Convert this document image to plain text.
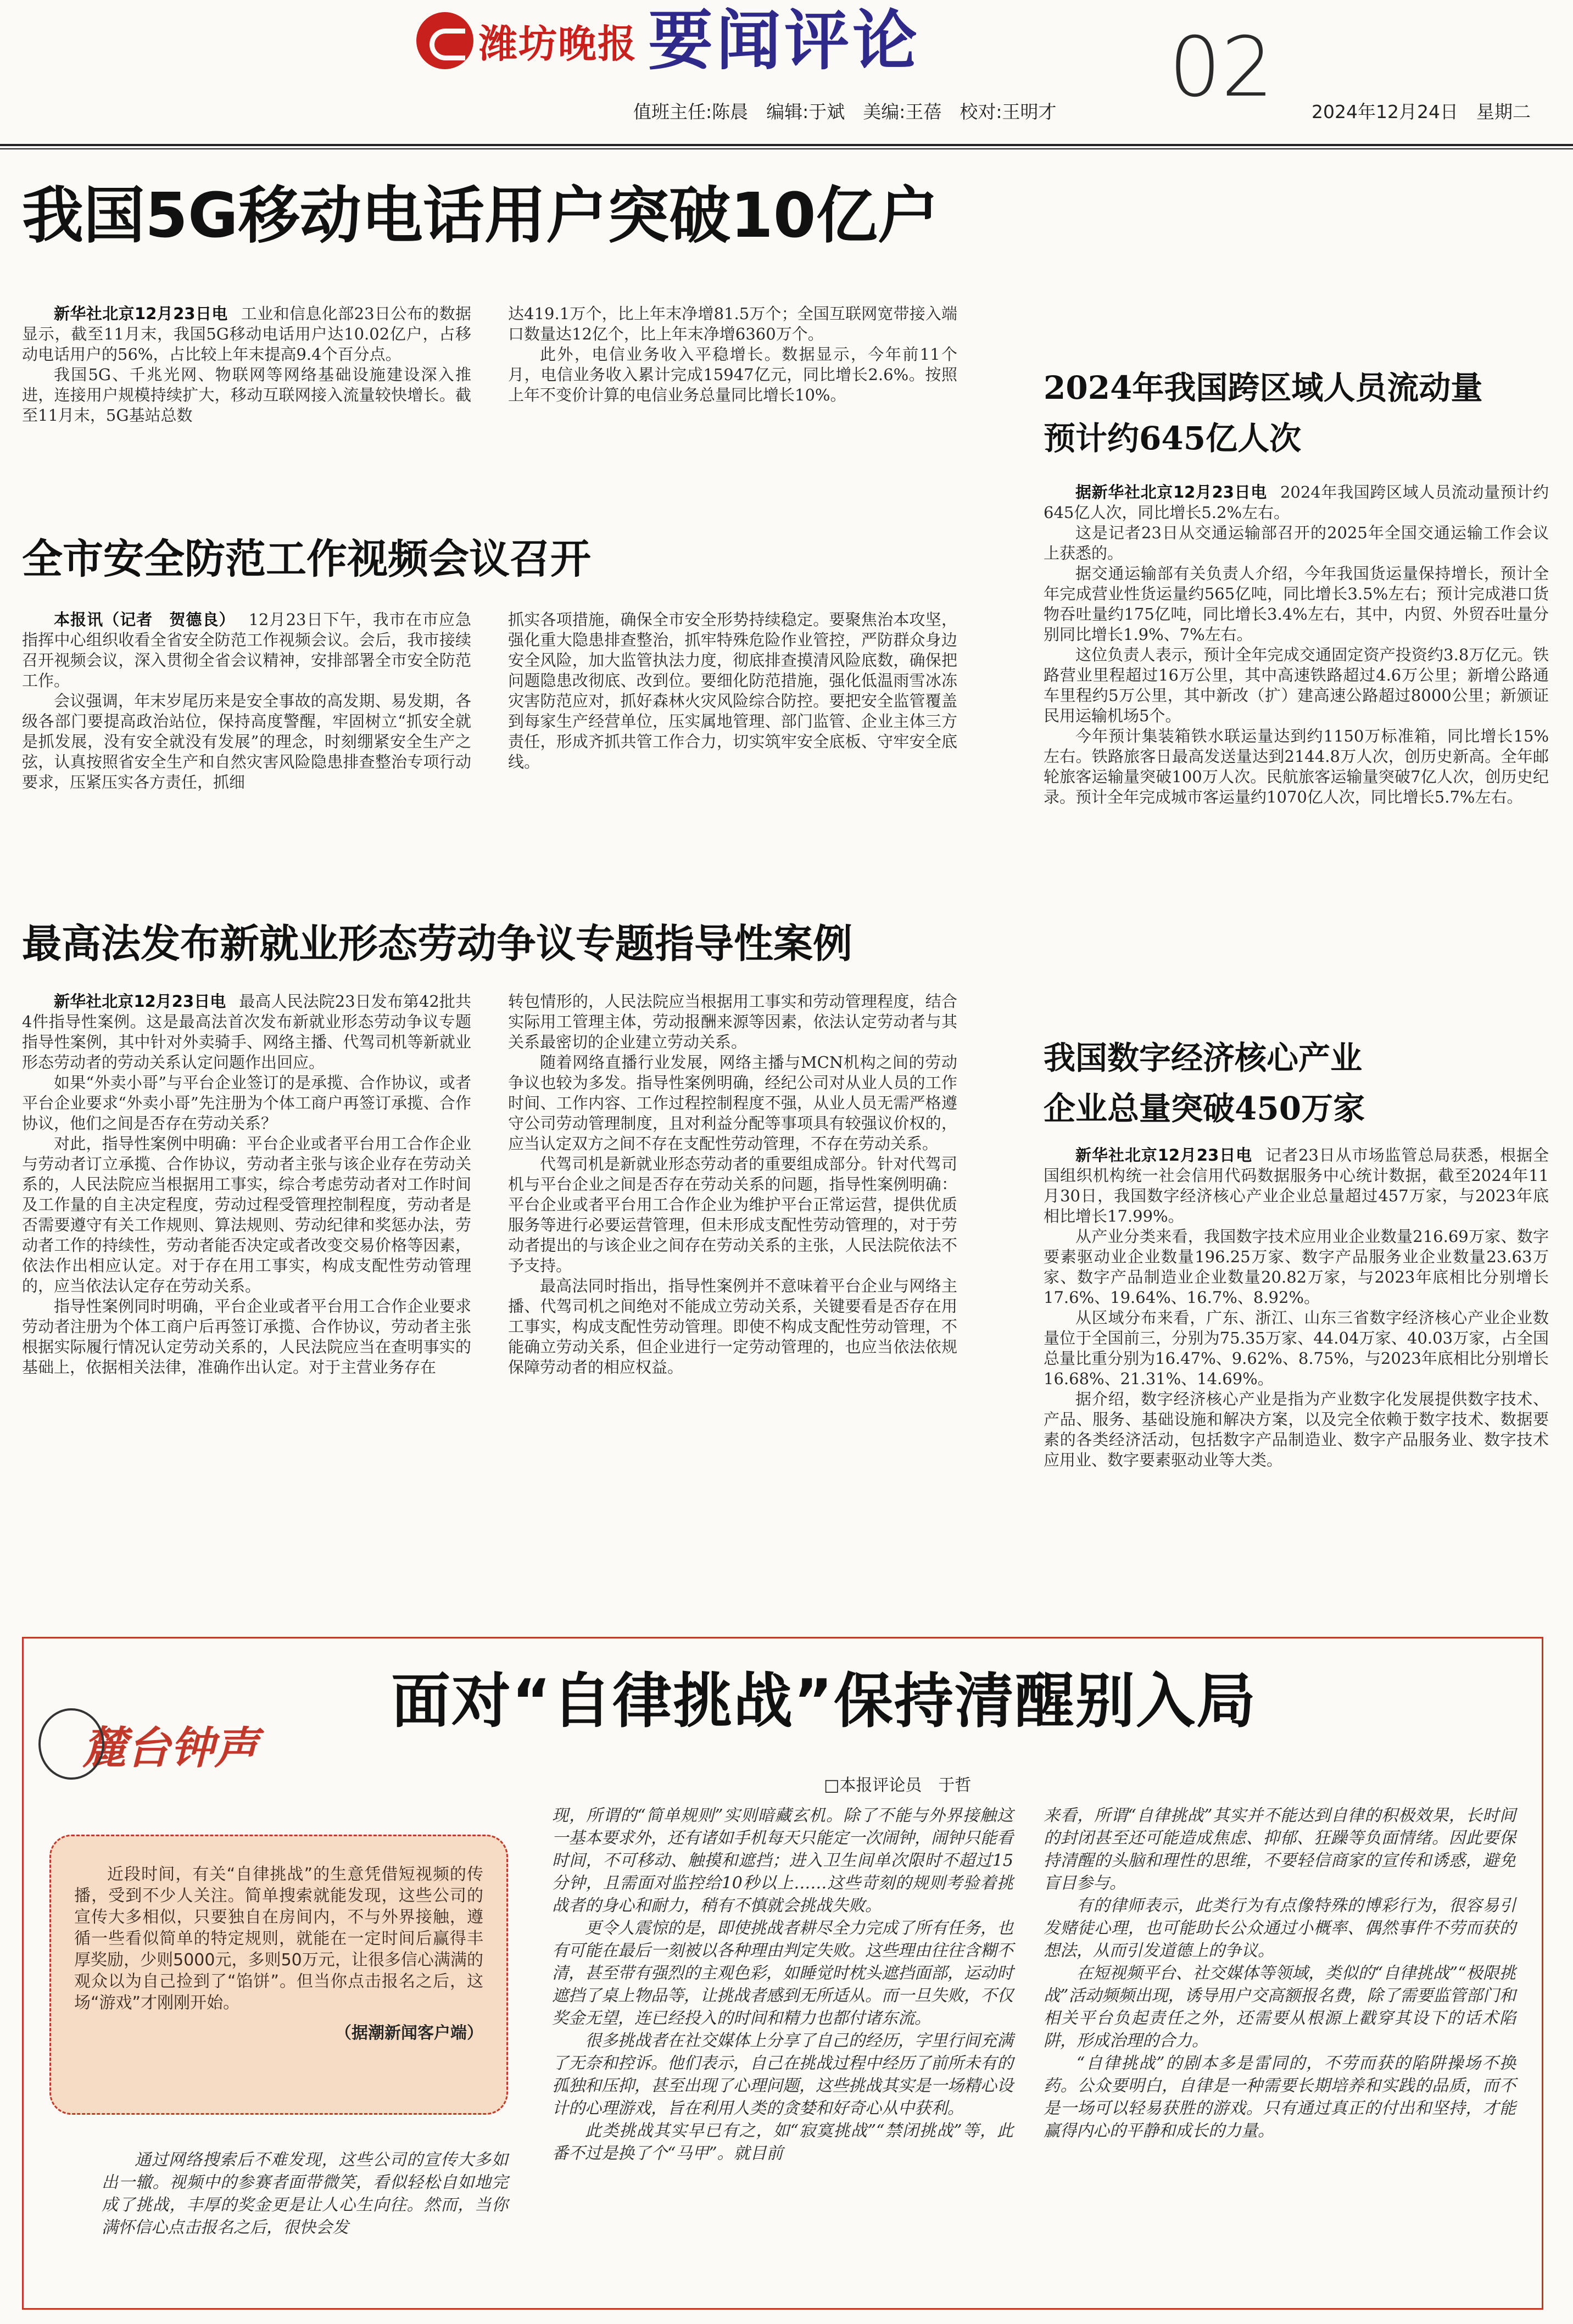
潍坊晚报 要闻评论	02
值班主任:陈晨　编辑:于斌　美编:王蓓　校对:王明才	2024年12月24日　星期二
我国5G移动电话用户突破10亿户

新华社北京12月23日电 工业和信息化部23日公布的数据显示，截至11月末，我国5G移动电话用户达10.02亿户，占移动电话用户的56%，占比较上年末提高9.4个百分点。

我国5G、千兆光网、物联网等网络基础设施建设深入推进，连接用户规模持续扩大，移动互联网接入流量较快增长。截至11月末，5G基站总数

达419.1万个，比上年末净增81.5万个；全国互联网宽带接入端口数量达12亿个，比上年末净增6360万个。

此外，电信业务收入平稳增长。数据显示，今年前11个月，电信业务收入累计完成15947亿元，同比增长2.6%。按照上年不变价计算的电信业务总量同比增长10%。

全市安全防范工作视频会议召开

本报讯（记者　贺德良） 12月23日下午，我市在市应急指挥中心组织收看全省安全防范工作视频会议。会后，我市接续召开视频会议，深入贯彻全省会议精神，安排部署全市安全防范工作。

会议强调，年末岁尾历来是安全事故的高发期、易发期，各级各部门要提高政治站位，保持高度警醒，牢固树立“抓安全就是抓发展，没有安全就没有发展”的理念，时刻绷紧安全生产之弦，认真按照省安全生产和自然灾害风险隐患排查整治专项行动要求，压紧压实各方责任，抓细

抓实各项措施，确保全市安全形势持续稳定。要聚焦治本攻坚，强化重大隐患排查整治，抓牢特殊危险作业管控，严防群众身边安全风险，加大监管执法力度，彻底排查摸清风险底数，确保把问题隐患改彻底、改到位。要细化防范措施，强化低温雨雪冰冻灾害防范应对，抓好森林火灾风险综合防控。要把安全监管覆盖到每家生产经营单位，压实属地管理、部门监管、企业主体三方责任，形成齐抓共管工作合力，切实筑牢安全底板、守牢安全底线。

最高法发布新就业形态劳动争议专题指导性案例

新华社北京12月23日电 最高人民法院23日发布第42批共4件指导性案例。这是最高法首次发布新就业形态劳动争议专题指导性案例，其中针对外卖骑手、网络主播、代驾司机等新就业形态劳动者的劳动关系认定问题作出回应。

如果“外卖小哥”与平台企业签订的是承揽、合作协议，或者平台企业要求“外卖小哥”先注册为个体工商户再签订承揽、合作协议，他们之间是否存在劳动关系？

对此，指导性案例中明确：平台企业或者平台用工合作企业与劳动者订立承揽、合作协议，劳动者主张与该企业存在劳动关系的，人民法院应当根据用工事实，综合考虑劳动者对工作时间及工作量的自主决定程度，劳动过程受管理控制程度，劳动者是否需要遵守有关工作规则、算法规则、劳动纪律和奖惩办法，劳动者工作的持续性，劳动者能否决定或者改变交易价格等因素，依法作出相应认定。对于存在用工事实，构成支配性劳动管理的，应当依法认定存在劳动关系。

指导性案例同时明确，平台企业或者平台用工合作企业要求劳动者注册为个体工商户后再签订承揽、合作协议，劳动者主张根据实际履行情况认定劳动关系的，人民法院应当在查明事实的基础上，依据相关法律，准确作出认定。对于主营业务存在

转包情形的，人民法院应当根据用工事实和劳动管理程度，结合实际用工管理主体，劳动报酬来源等因素，依法认定劳动者与其关系最密切的企业建立劳动关系。

随着网络直播行业发展，网络主播与MCN机构之间的劳动争议也较为多发。指导性案例明确，经纪公司对从业人员的工作时间、工作内容、工作过程控制程度不强，从业人员无需严格遵守公司劳动管理制度，且对利益分配等事项具有较强议价权的，应当认定双方之间不存在支配性劳动管理，不存在劳动关系。

代驾司机是新就业形态劳动者的重要组成部分。针对代驾司机与平台企业之间是否存在劳动关系的问题，指导性案例明确：平台企业或者平台用工合作企业为维护平台正常运营，提供优质服务等进行必要运营管理，但未形成支配性劳动管理的，对于劳动者提出的与该企业之间存在劳动关系的主张，人民法院依法不予支持。

最高法同时指出，指导性案例并不意味着平台企业与网络主播、代驾司机之间绝对不能成立劳动关系，关键要看是否存在用工事实，构成支配性劳动管理。即使不构成支配性劳动管理，不能确立劳动关系，但企业进行一定劳动管理的，也应当依法依规保障劳动者的相应权益。

2024年我国跨区域人员流动量
预计约645亿人次

据新华社北京12月23日电 2024年我国跨区域人员流动量预计约645亿人次，同比增长5.2%左右。

这是记者23日从交通运输部召开的2025年全国交通运输工作会议上获悉的。

据交通运输部有关负责人介绍，今年我国货运量保持增长，预计全年完成营业性货运量约565亿吨，同比增长3.5%左右；预计完成港口货物吞吐量约175亿吨，同比增长3.4%左右，其中，内贸、外贸吞吐量分别同比增长1.9%、7%左右。

这位负责人表示，预计全年完成交通固定资产投资约3.8万亿元。铁路营业里程超过16万公里，其中高速铁路超过4.6万公里；新增公路通车里程约5万公里，其中新改（扩）建高速公路超过8000公里；新颁证民用运输机场5个。

今年预计集装箱铁水联运量达到约1150万标准箱，同比增长15%左右。铁路旅客日最高发送量达到2144.8万人次，创历史新高。全年邮轮旅客运输量突破100万人次。民航旅客运输量突破7亿人次，创历史纪录。预计全年完成城市客运量约1070亿人次，同比增长5.7%左右。

我国数字经济核心产业
企业总量突破450万家

新华社北京12月23日电 记者23日从市场监管总局获悉，根据全国组织机构统一社会信用代码数据服务中心统计数据，截至2024年11月30日，我国数字经济核心产业企业总量超过457万家，与2023年底相比增长17.99%。

从产业分类来看，我国数字技术应用业企业数量216.69万家、数字要素驱动业企业数量196.25万家、数字产品服务业企业数量23.63万家、数字产品制造业企业数量20.82万家，与2023年底相比分别增长17.6%、19.64%、16.7%、8.92%。

从区域分布来看，广东、浙江、山东三省数字经济核心产业企业数量位于全国前三，分别为75.35万家、44.04万家、40.03万家，占全国总量比重分别为16.47%、9.62%、8.75%，与2023年底相比分别增长16.68%、21.31%、14.69%。

据介绍，数字经济核心产业是指为产业数字化发展提供数字技术、产品、服务、基础设施和解决方案，以及完全依赖于数字技术、数据要素的各类经济活动，包括数字产品制造业、数字产品服务业、数字技术应用业、数字要素驱动业等大类。

麓台钟声
面对“自律挑战”保持清醒别入局
□本报评论员　于哲
近段时间，有关“自律挑战”的生意凭借短视频的传播，受到不少人关注。简单搜索就能发现，这些公司的宣传大多相似，只要独自在房间内，不与外界接触，遵循一些看似简单的特定规则，就能在一定时间后赢得丰厚奖励，少则5000元，多则50万元，让很多信心满满的观众以为自己捡到了“馅饼”。但当你点击报名之后，这场“游戏”才刚刚开始。
（据潮新闻客户端）

通过网络搜索后不难发现，这些公司的宣传大多如出一辙。视频中的参赛者面带微笑，看似轻松自如地完成了挑战，丰厚的奖金更是让人心生向往。然而，当你满怀信心点击报名之后，很快会发

现，所谓的“简单规则”实则暗藏玄机。除了不能与外界接触这一基本要求外，还有诸如手机每天只能定一次闹钟，闹钟只能看时间，不可移动、触摸和遮挡；进入卫生间单次限时不超过15分钟，且需面对监控给10秒以上……这些苛刻的规则考验着挑战者的身心和耐力，稍有不慎就会挑战失败。

更令人震惊的是，即使挑战者耕尽全力完成了所有任务，也有可能在最后一刻被以各种理由判定失败。这些理由往往含糊不清，甚至带有强烈的主观色彩，如睡觉时枕头遮挡面部，运动时遮挡了桌上物品等，让挑战者感到无所适从。而一旦失败，不仅奖金无望，连已经投入的时间和精力也都付诸东流。

很多挑战者在社交媒体上分享了自己的经历，字里行间充满了无奈和控诉。他们表示，自己在挑战过程中经历了前所未有的孤独和压抑，甚至出现了心理问题，这些挑战其实是一场精心设计的心理游戏，旨在利用人类的贪婪和好奇心从中获利。

此类挑战其实早已有之，如“寂寞挑战”“禁闭挑战”等，此番不过是换了个“马甲”。就目前

来看，所谓“自律挑战”其实并不能达到自律的积极效果，长时间的封闭甚至还可能造成焦虑、抑郁、狂躁等负面情绪。因此要保持清醒的头脑和理性的思维，不要轻信商家的宣传和诱惑，避免盲目参与。

有的律师表示，此类行为有点像特殊的博彩行为，很容易引发赌徒心理，也可能助长公众通过小概率、偶然事件不劳而获的想法，从而引发道德上的争议。

在短视频平台、社交媒体等领域，类似的“自律挑战”“极限挑战”活动频频出现，诱导用户交高额报名费，除了需要监管部门和相关平台负起责任之外，还需要从根源上戳穿其设下的话术陷阱，形成治理的合力。

“自律挑战”的剧本多是雷同的，不劳而获的陷阱操场不换药。公众要明白，自律是一种需要长期培养和实践的品质，而不是一场可以轻易获胜的游戏。只有通过真正的付出和坚持，才能赢得内心的平静和成长的力量。
